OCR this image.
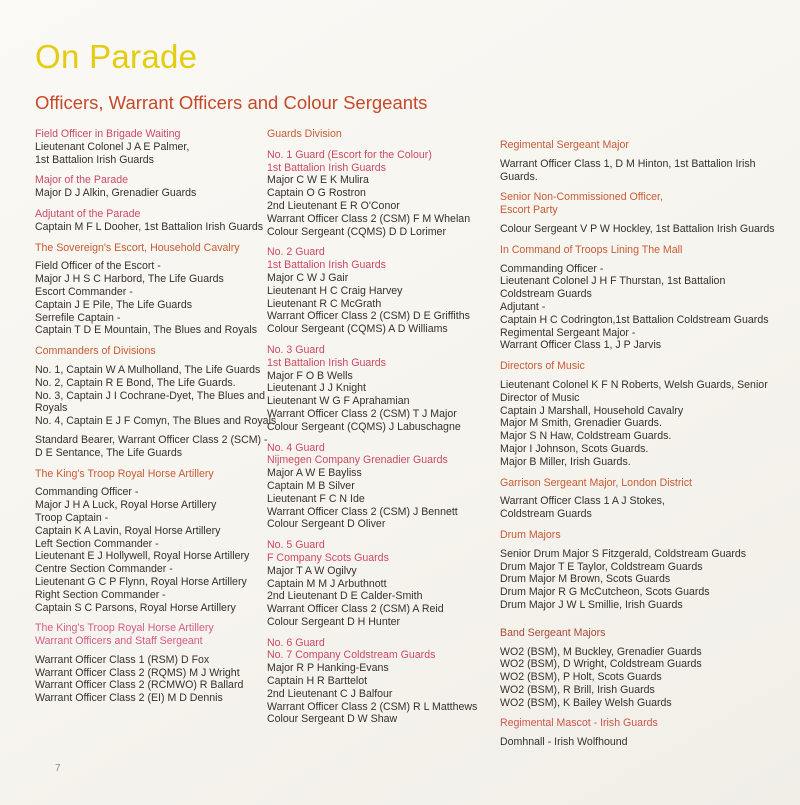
On Parade
Officers, Warrant Officers and Colour Sergeants
Field Officer in Brigade Waiting
Lieutenant Colonel J A E Palmer,
1st Battalion Irish Guards
Major of the Parade
Major D J Alkin, Grenadier Guards
Adjutant of the Parade
Captain M F L Dooher, 1st Battalion Irish Guards
The Sovereign's Escort, Household Cavalry
Field Officer of the Escort -
Major J H S C Harbord, The Life Guards
Escort Commander -
Captain J E Pile, The Life Guards
Serrefile Captain -
Captain T D E Mountain, The Blues and Royals
Commanders of Divisions
No. 1, Captain W A Mulholland, The Life Guards
No. 2, Captain R E Bond, The Life Guards.
No. 3, Captain J I Cochrane-Dyet, The Blues and
Royals
No. 4, Captain E J F Comyn, The Blues and Royals
Standard Bearer, Warrant Officer Class 2 (SCM) -
D E Sentance, The Life Guards
The King's Troop Royal Horse Artillery
Commanding Officer -
Major J H A Luck, Royal Horse Artillery
Troop Captain -
Captain K A Lavin, Royal Horse Artillery
Left Section Commander -
Lieutenant E J Hollywell, Royal Horse Artillery
Centre Section Commander -
Lieutenant G C P Flynn, Royal Horse Artillery
Right Section Commander -
Captain S C Parsons, Royal Horse Artillery
The King's Troop Royal Horse Artillery
Warrant Officers and Staff Sergeant
Warrant Officer Class 1 (RSM) D Fox
Warrant Officer Class 2 (RQMS) M J Wright
Warrant Officer Class 2 (RCMWO) R Ballard
Warrant Officer Class 2 (EI) M D Dennis
Guards Division
No. 1 Guard (Escort for the Colour)
1st Battalion Irish Guards
Major C W E K Mulira
Captain O G Rostron
2nd Lieutenant E R O'Conor
Warrant Officer Class 2 (CSM) F M Whelan
Colour Sergeant (CQMS) D D Lorimer
No. 2 Guard
1st Battalion Irish Guards
Major C W J Gair
Lieutenant H C Craig Harvey
Lieutenant R C McGrath
Warrant Officer Class 2 (CSM) D E Griffiths
Colour Sergeant (CQMS) A D Williams
No. 3 Guard
1st Battalion Irish Guards
Major F O B Wells
Lieutenant J J Knight
Lieutenant W G F Aprahamian
Warrant Officer Class 2 (CSM) T J Major
Colour Sergeant (CQMS) J Labuschagne
No. 4 Guard
Nijmegen Company Grenadier Guards
Major A W E Bayliss
Captain M B Silver
Lieutenant F C N Ide
Warrant Officer Class 2 (CSM) J Bennett
Colour Sergeant D Oliver
No. 5 Guard
F Company Scots Guards
Major T A W Ogilvy
Captain M M J Arbuthnott
2nd Lieutenant D E Calder-Smith
Warrant Officer Class 2 (CSM) A Reid
Colour Sergeant D H Hunter
No. 6 Guard
No. 7 Company Coldstream Guards
Major R P Hanking-Evans
Captain H R Barttelot
2nd Lieutenant C J Balfour
Warrant Officer Class 2 (CSM) R L Matthews
Colour Sergeant D W Shaw
Regimental Sergeant Major
Warrant Officer Class 1, D M Hinton, 1st Battalion Irish
Guards.
Senior Non-Commissioned Officer,
Escort Party
Colour Sergeant V P W Hockley, 1st Battalion Irish Guards
In Command of Troops Lining The Mall
Commanding Officer -
Lieutenant Colonel J H F Thurstan, 1st Battalion
Coldstream Guards
Adjutant -
Captain H C Codrington,1st Battalion Coldstream Guards
Regimental Sergeant Major -
Warrant Officer Class 1, J P Jarvis
Directors of Music
Lieutenant Colonel K F N Roberts, Welsh Guards, Senior
Director of Music
Captain J Marshall, Household Cavalry
Major M Smith, Grenadier Guards.
Major S N Haw, Coldstream Guards.
Major I Johnson, Scots Guards.
Major B Miller, Irish Guards.
Garrison Sergeant Major, London District
Warrant Officer Class 1 A J Stokes,
Coldstream Guards
Drum Majors
Senior Drum Major S Fitzgerald, Coldstream Guards
Drum Major T E Taylor, Coldstream Guards
Drum Major M Brown, Scots Guards
Drum Major R G McCutcheon, Scots Guards
Drum Major J W L Smillie, Irish Guards
Band Sergeant Majors
WO2 (BSM), M Buckley, Grenadier Guards
WO2 (BSM), D Wright, Coldstream Guards
WO2 (BSM), P Holt, Scots Guards
WO2 (BSM), R Brill, Irish Guards
WO2 (BSM), K Bailey Welsh Guards
Regimental Mascot - Irish Guards
Domhnall - Irish Wolfhound
7
